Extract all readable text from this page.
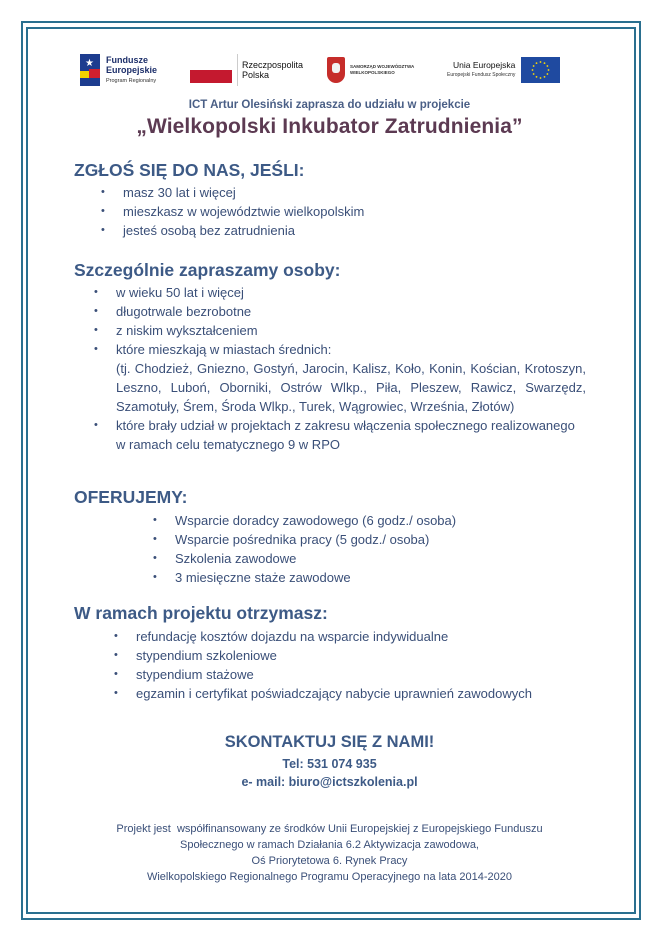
★ Fundusze
Europejskie
Program Regionalny
Rzeczpospolita
Polska
SAMORZĄD WOJEWÓDZTWA
WIELKOPOLSKIEGO
Unia Europejska
Europejski Fundusz Społeczny
ICT Artur Olesiński zaprasza do udziału w projekcie
„Wielkopolski Inkubator Zatrudnienia”
ZGŁOŚ SIĘ DO NAS, JEŚLI:
• masz 30 lat i więcej
• mieszkasz w województwie wielkopolskim
• jesteś osobą bez zatrudnienia
Szczególnie zapraszamy osoby:
• w wieku 50 lat i więcej
• długotrwale bezrobotne
• z niskim wykształceniem
• które mieszkają w miastach średnich:
(tj. Chodzież, Gniezno, Gostyń, Jarocin, Kalisz, Koło, Konin, Kościan, Krotoszyn, Leszno, Luboń, Oborniki, Ostrów Wlkp., Piła, Pleszew, Rawicz, Swarzędz, Szamotuły, Śrem, Środa Wlkp., Turek, Wągrowiec, Września, Złotów)
• które brały udział w projektach z zakresu włączenia społecznego realizowanego w ramach celu tematycznego 9 w RPO
OFERUJEMY:
• Wsparcie doradcy zawodowego (6 godz./ osoba)
• Wsparcie pośrednika pracy (5 godz./ osoba)
• Szkolenia zawodowe
• 3 miesięczne staże zawodowe
W ramach projektu otrzymasz:
• refundację kosztów dojazdu na wsparcie indywidualne
• stypendium szkoleniowe
• stypendium stażowe
• egzamin i certyfikat poświadczający nabycie uprawnień zawodowych
SKONTAKTUJ SIĘ Z NAMI!
Tel: 531 074 935
e- mail: biuro@ictszkolenia.pl
Projekt jest  współfinansowany ze środków Unii Europejskiej z Europejskiego Funduszu
Społecznego w ramach Działania 6.2 Aktywizacja zawodowa,
Oś Priorytetowa 6. Rynek Pracy
Wielkopolskiego Regionalnego Programu Operacyjnego na lata 2014-2020
